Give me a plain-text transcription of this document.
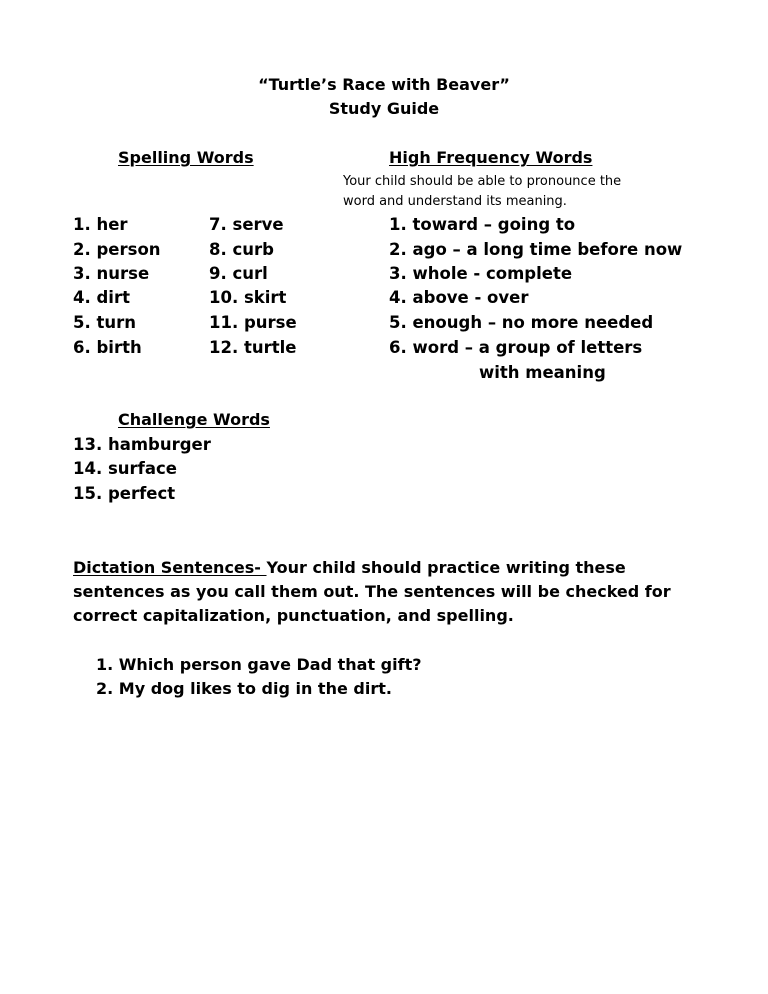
“Turtle’s Race with Beaver”
Study Guide
Spelling Words	High Frequency Words
Your child should be able to pronounce the
word and understand its meaning.
1. her
2. person
3. nurse
4. dirt
5. turn
6. birth
7. serve
8. curb
9. curl
10. skirt
11. purse
12. turtle
1. toward – going to
2. ago – a long time before now
3. whole - complete
4. above - over
5. enough – no more needed
6. word – a group of letters
with meaning
Challenge Words
13. hamburger
14. surface
15. perfect
Dictation Sentences- Your child should practice writing these
sentences as you call them out. The sentences will be checked for
correct capitalization, punctuation, and spelling.
1. Which person gave Dad that gift?
2. My dog likes to dig in the dirt.
